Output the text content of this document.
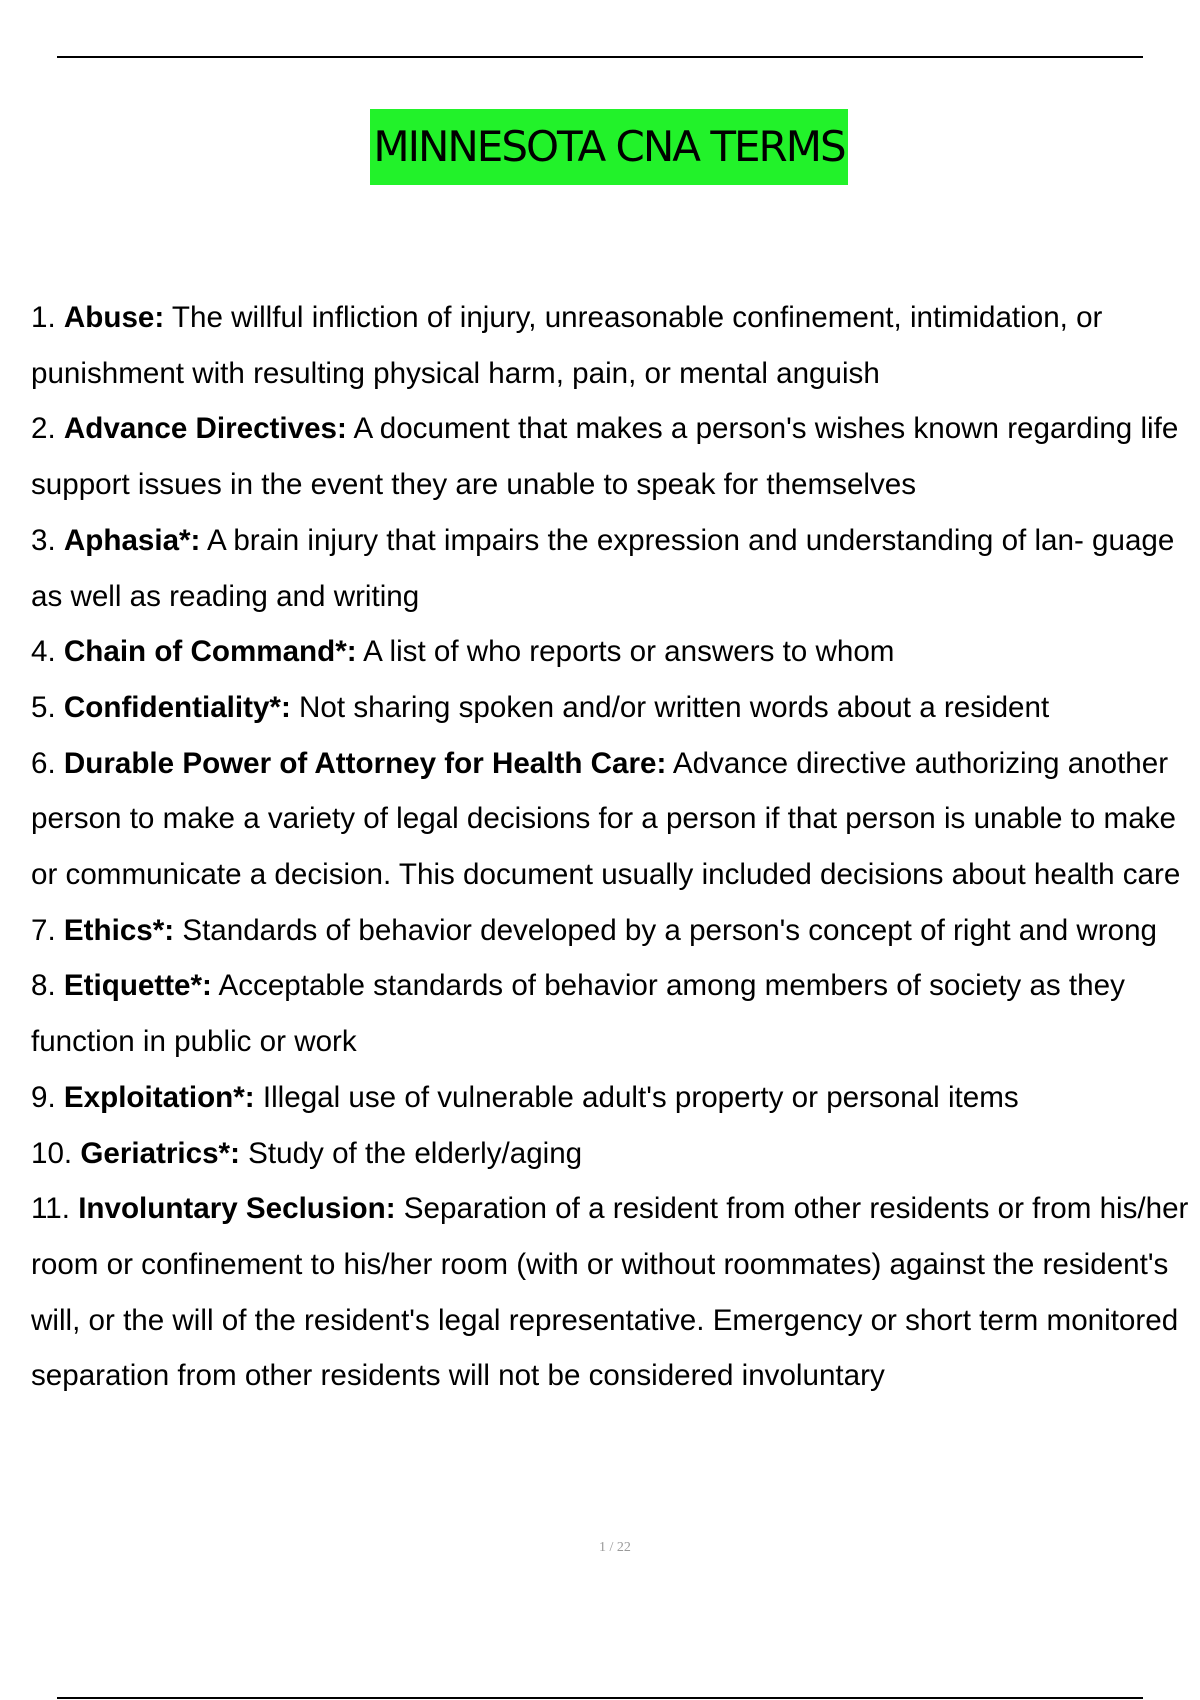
MINNESOTA CNA TERMS
1. Abuse: The willful infliction of injury, unreasonable confinement, intimidation, or punishment with resulting physical harm, pain, or mental anguish
2. Advance Directives: A document that makes a person's wishes known regarding life support issues in the event they are unable to speak for themselves
3. Aphasia*: A brain injury that impairs the expression and understanding of lan- guage as well as reading and writing
4. Chain of Command*: A list of who reports or answers to whom
5. Confidentiality*: Not sharing spoken and/or written words about a resident
6. Durable Power of Attorney for Health Care: Advance directive authorizing another person to make a variety of legal decisions for a person if that person is unable to make or communicate a decision. This document usually included decisions about health care
7. Ethics*: Standards of behavior developed by a person's concept of right and wrong
8. Etiquette*: Acceptable standards of behavior among members of society as they function in public or work
9. Exploitation*: Illegal use of vulnerable adult's property or personal items
10. Geriatrics*: Study of the elderly/aging
11. Involuntary Seclusion: Separation of a resident from other residents or from his/her room or confinement to his/her room (with or without roommates) against the resident's will, or the will of the resident's legal representative. Emergency or short term monitored separation from other residents will not be considered involuntary
1 / 22
